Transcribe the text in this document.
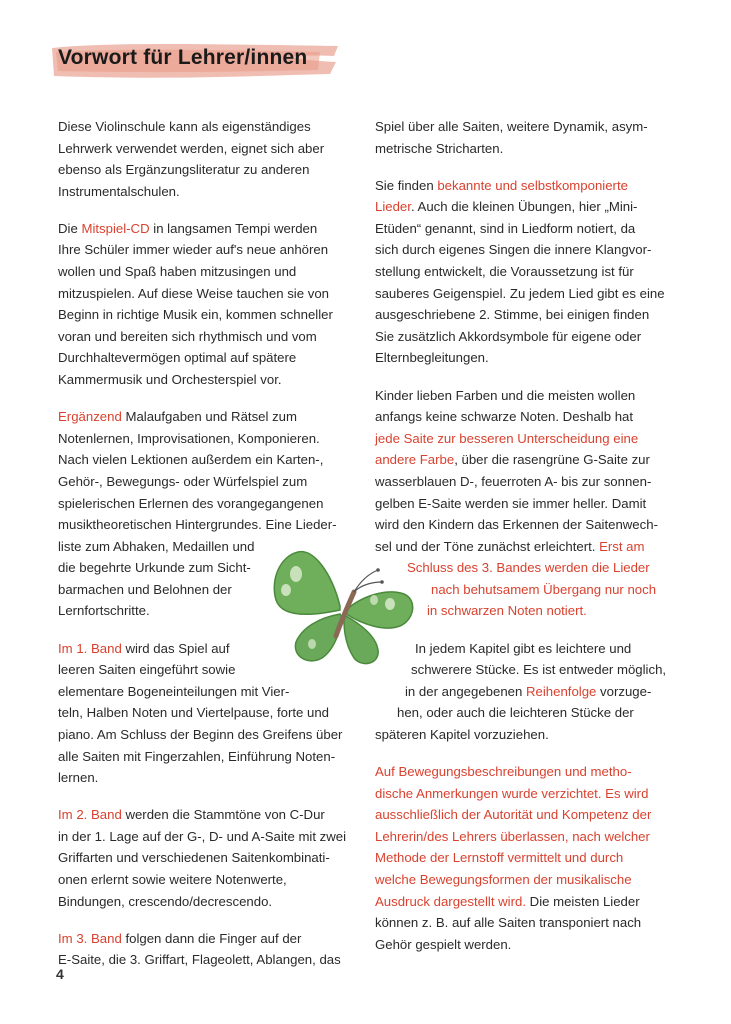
Vorwort für Lehrer/innen

Diese Violinschule kann als eigenständiges
Lehrwerk verwendet werden, eignet sich aber
ebenso als Ergänzungsliteratur zu anderen
Instrumentalschulen.

Die Mitspiel-CD in langsamen Tempi werden
Ihre Schüler immer wieder auf's neue anhören
wollen und Spaß haben mitzusingen und
mitzuspielen. Auf diese Weise tauchen sie von
Beginn in richtige Musik ein, kommen schneller
voran und bereiten sich rhythmisch und vom
Durchhaltevermögen optimal auf spätere
Kammermusik und Orchesterspiel vor.

Ergänzend Malaufgaben und Rätsel zum
Notenlernen, Improvisationen, Komponieren.
Nach vielen Lektionen außerdem ein Karten-,
Gehör-, Bewegungs- oder Würfelspiel zum
spielerischen Erlernen des vorangegangenen
musiktheoretischen Hintergrundes. Eine Lieder-
liste zum Abhaken, Medaillen und
die begehrte Urkunde zum Sicht-
barmachen und Belohnen der
Lernfortschritte.

Im 1. Band wird das Spiel auf
leeren Saiten eingeführt sowie
elementare Bogeneinteilungen mit Vier-
teln, Halben Noten und Viertelpause, forte und
piano. Am Schluss der Beginn des Greifens über
alle Saiten mit Fingerzahlen, Einführung Noten-
lernen.

Im 2. Band werden die Stammtöne von C-Dur
in der 1. Lage auf der G-, D- und A-Saite mit zwei
Griffarten und verschiedenen Saitenkombinati-
onen erlernt sowie weitere Notenwerte,
Bindungen, crescendo/decrescendo.

Im 3. Band folgen dann die Finger auf der
E-Saite, die 3. Griffart, Flageolett, Ablangen, das

Spiel über alle Saiten, weitere Dynamik, asym-
metrische Stricharten.

Sie finden bekannte und selbstkomponierte
Lieder. Auch die kleinen Übungen, hier „Mini-
Etüden“ genannt, sind in Liedform notiert, da
sich durch eigenes Singen die innere Klangvor-
stellung entwickelt, die Voraussetzung ist für
sauberes Geigenspiel. Zu jedem Lied gibt es eine
ausgeschriebene 2. Stimme, bei einigen finden
Sie zusätzlich Akkordsymbole für eigene oder
Elternbegleitungen.

Kinder lieben Farben und die meisten wollen
anfangs keine schwarze Noten. Deshalb hat
jede Saite zur besseren Unterscheidung eine
andere Farbe, über die rasengrüne G-Saite zur
wasserblauen D-, feuerroten A- bis zur sonnen-
gelben E-Saite werden sie immer heller. Damit
wird den Kindern das Erkennen der Saitenwech-
sel und der Töne zunächst erleichtert. Erst am
Schluss des 3. Bandes werden die Lieder
nach behutsamem Übergang nur noch
in schwarzen Noten notiert.

In jedem Kapitel gibt es leichtere und
schwerere Stücke. Es ist entweder möglich,
in der angegebenen Reihenfolge vorzuge-
hen, oder auch die leichteren Stücke der
späteren Kapitel vorzuziehen.

Auf Bewegungsbeschreibungen und metho-
dische Anmerkungen wurde verzichtet. Es wird
ausschließlich der Autorität und Kompetenz der
Lehrerin/des Lehrers überlassen, nach welcher
Methode der Lernstoff vermittelt und durch
welche Bewegungsformen der musikalische
Ausdruck dargestellt wird. Die meisten Lieder
können z. B. auf alle Saiten transponiert nach
Gehör gespielt werden.

4
